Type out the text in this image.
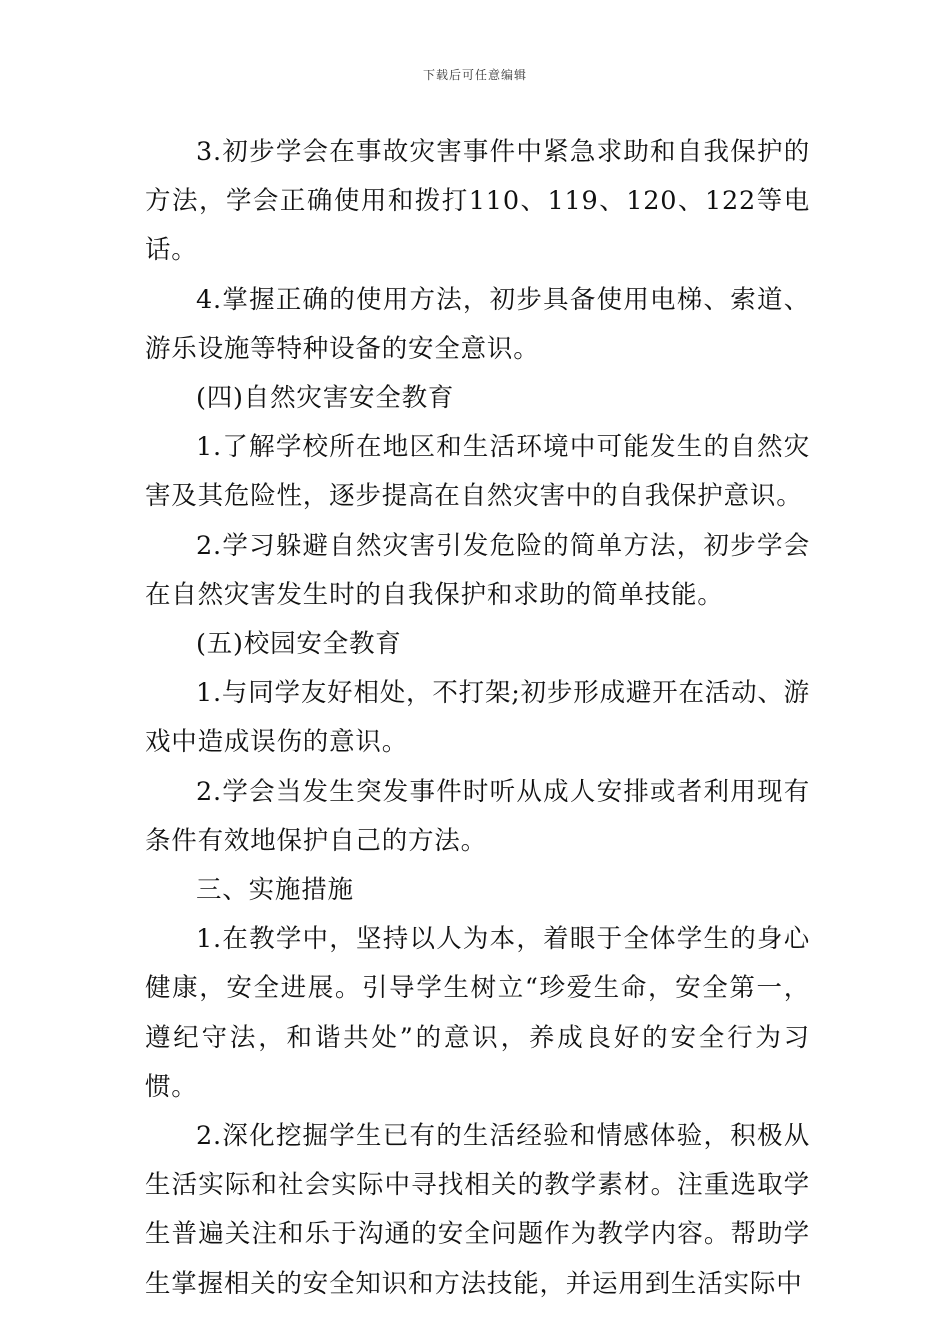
下载后可任意编辑

3.初步学会在事故灾害事件中紧急求助和自我保护的方法，学会正确使用和拨打110、119、120、122等电话。

4.掌握正确的使用方法，初步具备使用电梯、索道、游乐设施等特种设备的安全意识。

(四)自然灾害安全教育

1.了解学校所在地区和生活环境中可能发生的自然灾害及其危险性，逐步提高在自然灾害中的自我保护意识。

2.学习躲避自然灾害引发危险的简单方法，初步学会在自然灾害发生时的自我保护和求助的简单技能。

(五)校园安全教育

1.与同学友好相处，不打架;初步形成避开在活动、游戏中造成误伤的意识。

2.学会当发生突发事件时听从成人安排或者利用现有条件有效地保护自己的方法。

三、实施措施

1.在教学中，坚持以人为本，着眼于全体学生的身心健康，安全进展。引导学生树立“珍爱生命，安全第一，遵纪守法，和谐共处”的意识，养成良好的安全行为习惯。

2.深化挖掘学生已有的生活经验和情感体验，积极从生活实际和社会实际中寻找相关的教学素材。注重选取学生普遍关注和乐于沟通的安全问题作为教学内容。帮助学生掌握相关的安全知识和方法技能，并运用到生活实际中
